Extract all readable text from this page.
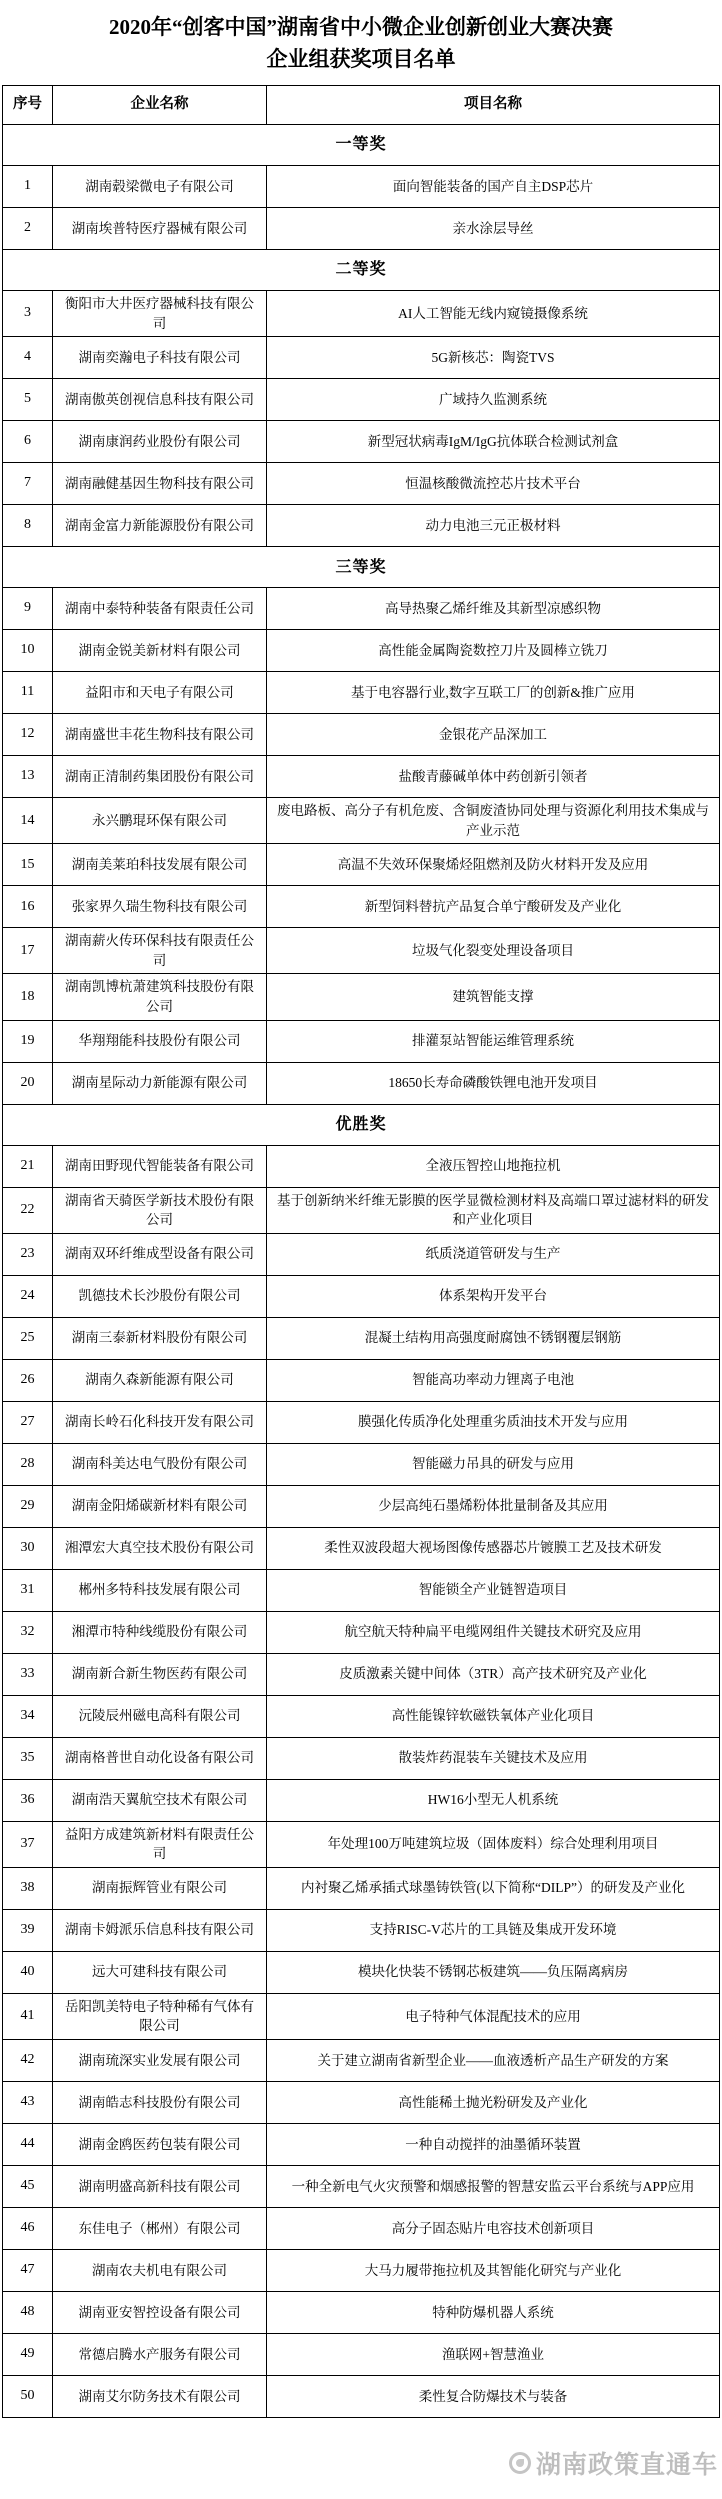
2020年“创客中国”湖南省中小微企业创新创业大赛决赛
企业组获奖项目名单
序号	企业名称	项目名称
一等奖		
1	湖南毂梁微电子有限公司	面向智能装备的国产自主DSP芯片
2	湖南埃普特医疗器械有限公司	亲水涂层导丝
二等奖		
3	衡阳市大井医疗器械科技有限公司	AI人工智能无线内窥镜摄像系统
4	湖南奕瀚电子科技有限公司	5G新核芯：陶瓷TVS
5	湖南傲英创视信息科技有限公司	广域持久监测系统
6	湖南康润药业股份有限公司	新型冠状病毒IgM/IgG抗体联合检测试剂盒
7	湖南融健基因生物科技有限公司	恒温核酸微流控芯片技术平台
8	湖南金富力新能源股份有限公司	动力电池三元正极材料
三等奖		
9	湖南中泰特种装备有限责任公司	高导热聚乙烯纤维及其新型凉感织物
10	湖南金锐美新材料有限公司	高性能金属陶瓷数控刀片及圆棒立铣刀
11	益阳市和天电子有限公司	基于电容器行业,数字互联工厂的创新&推广应用
12	湖南盛世丰花生物科技有限公司	金银花产品深加工
13	湖南正清制药集团股份有限公司	盐酸青藤碱单体中药创新引领者
14	永兴鹏琨环保有限公司	废电路板、高分子有机危废、含铜废渣协同处理与资源化利用技术集成与产业示范
15	湖南美莱珀科技发展有限公司	高温不失效环保聚烯烃阻燃剂及防火材料开发及应用
16	张家界久瑞生物科技有限公司	新型饲料替抗产品复合单宁酸研发及产业化
17	湖南薪火传环保科技有限责任公司	垃圾气化裂变处理设备项目
18	湖南凯博杭萧建筑科技股份有限公司	建筑智能支撑
19	华翔翔能科技股份有限公司	排灌泵站智能运维管理系统
20	湖南星际动力新能源有限公司	18650长寿命磷酸铁锂电池开发项目
优胜奖		
21	湖南田野现代智能装备有限公司	全液压智控山地拖拉机
22	湖南省天骑医学新技术股份有限公司	基于创新纳米纤维无影膜的医学显微检测材料及高端口罩过滤材料的研发和产业化项目
23	湖南双环纤维成型设备有限公司	纸质浇道管研发与生产
24	凯德技术长沙股份有限公司	体系架构开发平台
25	湖南三泰新材料股份有限公司	混凝土结构用高强度耐腐蚀不锈钢覆层钢筋
26	湖南久森新能源有限公司	智能高功率动力锂离子电池
27	湖南长岭石化科技开发有限公司	膜强化传质净化处理重劣质油技术开发与应用
28	湖南科美达电气股份有限公司	智能磁力吊具的研发与应用
29	湖南金阳烯碳新材料有限公司	少层高纯石墨烯粉体批量制备及其应用
30	湘潭宏大真空技术股份有限公司	柔性双波段超大视场图像传感器芯片镀膜工艺及技术研发
31	郴州多特科技发展有限公司	智能锁全产业链智造项目
32	湘潭市特种线缆股份有限公司	航空航天特种扁平电缆网组件关键技术研究及应用
33	湖南新合新生物医药有限公司	皮质激素关键中间体（3TR）高产技术研究及产业化
34	沅陵辰州磁电高科有限公司	高性能镍锌软磁铁氧体产业化项目
35	湖南格普世自动化设备有限公司	散装炸药混装车关键技术及应用
36	湖南浩天翼航空技术有限公司	HW16小型无人机系统
37	益阳方成建筑新材料有限责任公司	年处理100万吨建筑垃圾（固体废料）综合处理利用项目
38	湖南振辉管业有限公司	内衬聚乙烯承插式球墨铸铁管(以下简称“DILP”）的研发及产业化
39	湖南卡姆派乐信息科技有限公司	支持RISC-V芯片的工具链及集成开发环境
40	远大可建科技有限公司	模块化快装不锈钢芯板建筑——负压隔离病房
41	岳阳凯美特电子特种稀有气体有限公司	电子特种气体混配技术的应用
42	湖南琉深实业发展有限公司	关于建立湖南省新型企业——血液透析产品生产研发的方案
43	湖南皓志科技股份有限公司	高性能稀土抛光粉研发及产业化
44	湖南金鸥医药包装有限公司	一种自动搅拌的油墨循环装置
45	湖南明盛高新科技有限公司	一种全新电气火灾预警和烟感报警的智慧安监云平台系统与APP应用
46	东佳电子（郴州）有限公司	高分子固态贴片电容技术创新项目
47	湖南农夫机电有限公司	大马力履带拖拉机及其智能化研究与产业化
48	湖南亚安智控设备有限公司	特种防爆机器人系统
49	常德启腾水产服务有限公司	渔联网+智慧渔业
50	湖南艾尔防务技术有限公司	柔性复合防爆技术与装备
湖南政策直通车
